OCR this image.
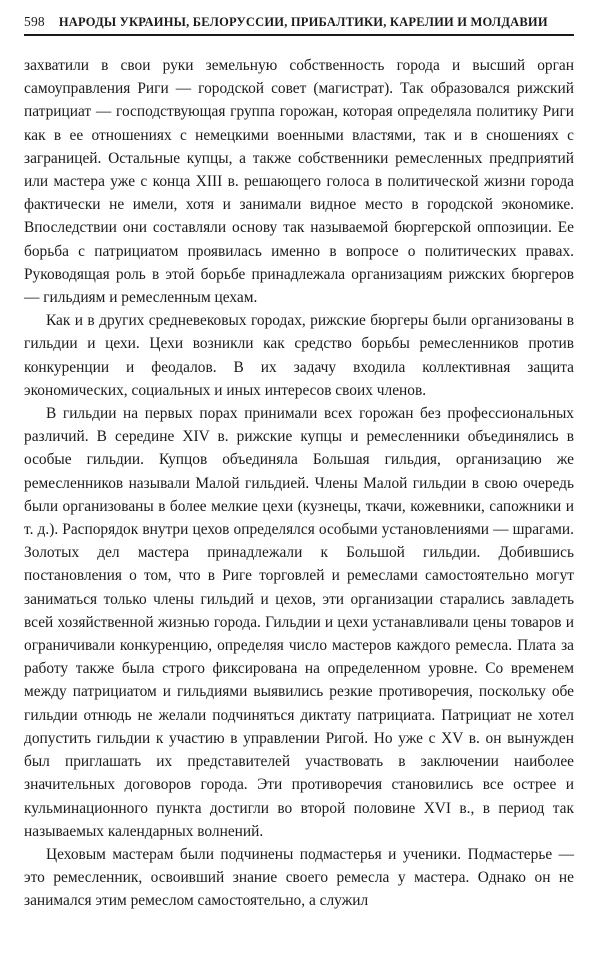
598 НАРОДЫ УКРАИНЫ, БЕЛОРУССИИ, ПРИБАЛТИКИ, КАРЕЛИИ И МОЛДАВИИ

захватили в свои руки земельную собственность города и высший орган самоуправления Риги — городской совет (магистрат). Так образовался рижский патрициат — господствующая группа горожан, которая определяла политику Риги как в ее отношениях с немецкими военными властями, так и в сношениях с заграницей. Остальные купцы, а также собственники ремесленных предприятий или мастера уже с конца XIII в. решающего голоса в политической жизни города фактически не имели, хотя и занимали видное место в городской экономике. Впоследствии они составляли основу так называемой бюргерской оппозиции. Ее борьба с патрициатом проявилась именно в вопросе о политических правах. Руководящая роль в этой борьбе принадлежала организациям рижских бюргеров — гильдиям и ремесленным цехам.

Как и в других средневековых городах, рижские бюргеры были организованы в гильдии и цехи. Цехи возникли как средство борьбы ремесленников против конкуренции и феодалов. В их задачу входила коллективная защита экономических, социальных и иных интересов своих членов.

В гильдии на первых порах принимали всех горожан без профессиональных различий. В середине XIV в. рижские купцы и ремесленники объединялись в особые гильдии. Купцов объединяла Большая гильдия, организацию же ремесленников называли Малой гильдией. Члены Малой гильдии в свою очередь были организованы в более мелкие цехи (кузнецы, ткачи, кожевники, сапожники и т. д.). Распорядок внутри цехов определялся особыми установлениями — шрагами. Золотых дел мастера принадлежали к Большой гильдии. Добившись постановления о том, что в Риге торговлей и ремеслами самостоятельно могут заниматься только члены гильдий и цехов, эти организации старались завладеть всей хозяйственной жизнью города. Гильдии и цехи устанавливали цены товаров и ограничивали конкуренцию, определяя число мастеров каждого ремесла. Плата за работу также была строго фиксирована на определенном уровне. Со временем между патрициатом и гильдиями выявились резкие противоречия, поскольку обе гильдии отнюдь не желали подчиняться диктату патрициата. Патрициат не хотел допустить гильдии к участию в управлении Ригой. Но уже с XV в. он вынужден был приглашать их представителей участвовать в заключении наиболее значительных договоров города. Эти противоречия становились все острее и кульминационного пункта достигли во второй половине XVI в., в период так называемых календарных волнений.

Цеховым мастерам были подчинены подмастерья и ученики. Подмастерье — это ремесленник, освоивший знание своего ремесла у мастера. Однако он не занимался этим ремеслом самостоятельно, а служил
